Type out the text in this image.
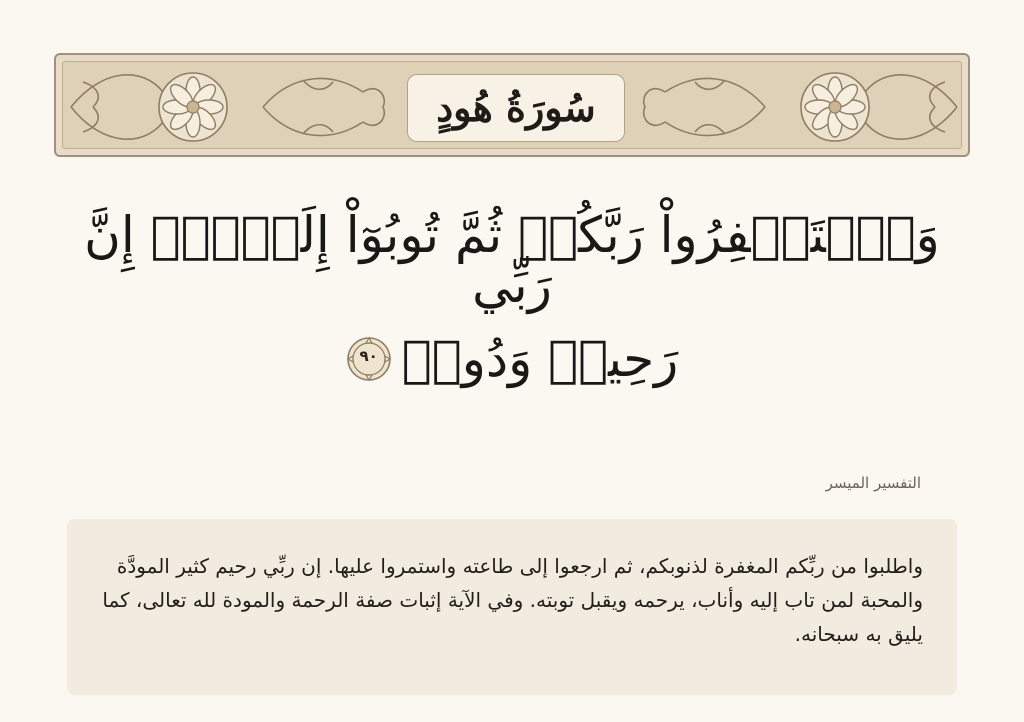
سُورَةُ هُودٍ
وَٱسۡتَغۡفِرُواْ رَبَّكُمۡ ثُمَّ تُوبُوٓاْ إِلَيۡهِۚ إِنَّ رَبِّي
رَحِيمٞ وَدُودٞ
٩٠
التفسير الميسر
واطلبوا من ربِّكم المغفرة لذنوبكم، ثم ارجعوا إلى طاعته واستمروا عليها. إن ربِّي رحيم كثير المودَّة والمحبة لمن تاب إليه وأناب، يرحمه ويقبل توبته. وفي الآية إثبات صفة الرحمة والمودة لله تعالى، كما يليق به سبحانه.
